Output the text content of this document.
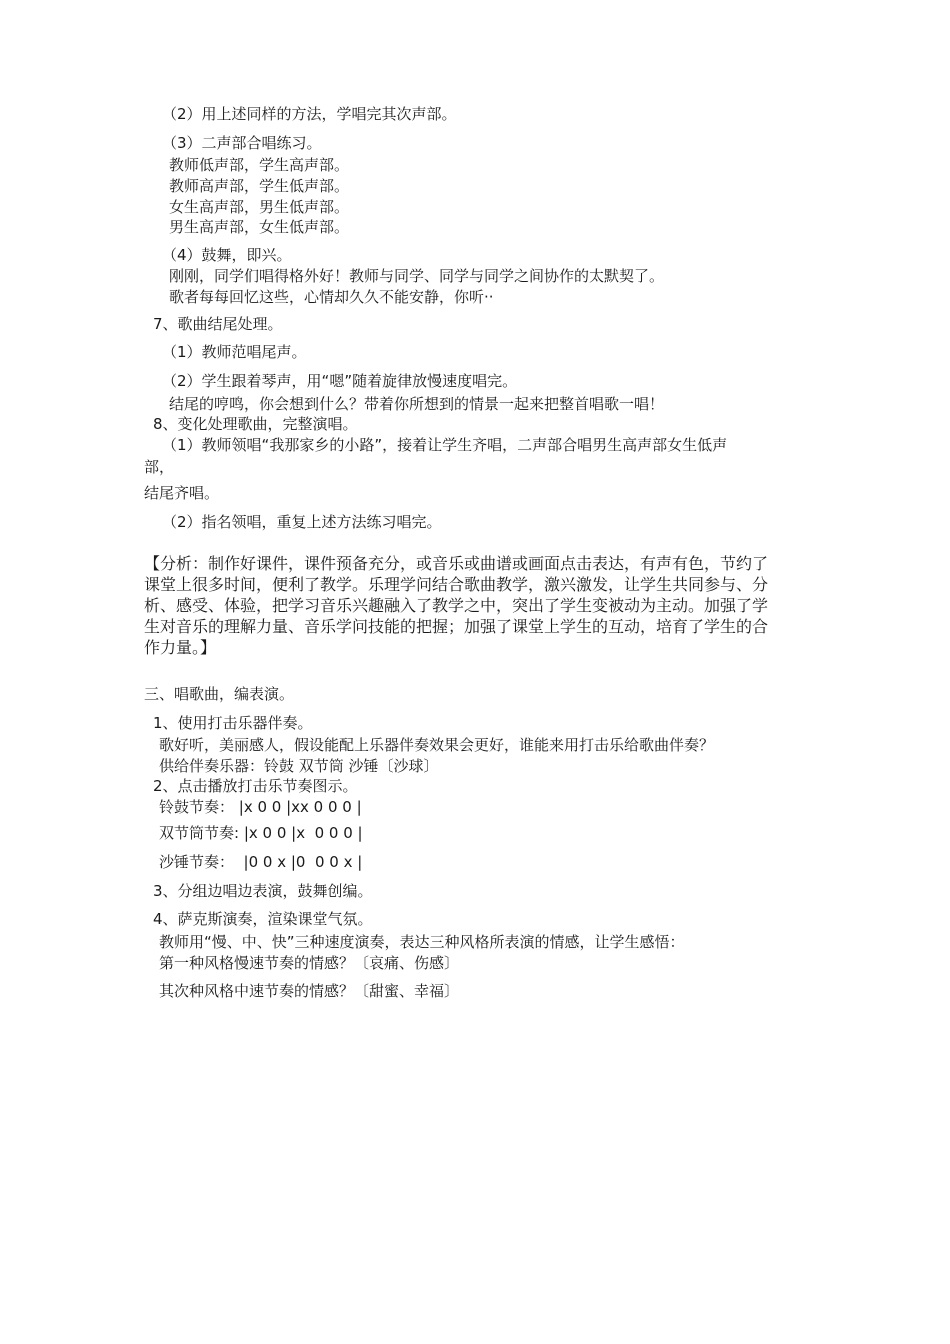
（2）用上述同样的方法，学唱完其次声部。
（3）二声部合唱练习。
教师低声部，学生高声部。
教师高声部，学生低声部。
女生高声部，男生低声部。
男生高声部，女生低声部。
（4）鼓舞，即兴。
刚刚，同学们唱得格外好！教师与同学、同学与同学之间协作的太默契了。
歌者每每回忆这些，心情却久久不能安静，你听··
7、歌曲结尾处理。
（1）教师范唱尾声。
（2）学生跟着琴声，用“嗯”随着旋律放慢速度唱完。
结尾的哼鸣，你会想到什么？带着你所想到的情景一起来把整首唱歌一唱！
8、变化处理歌曲，完整演唱。
（1）教师领唱“我那家乡的小路”，接着让学生齐唱，二声部合唱男生高声部女生低声
部，
结尾齐唱。
（2）指名领唱，重复上述方法练习唱完。
【分析：制作好课件，课件预备充分，或音乐或曲谱或画面点击表达，有声有色，节约了
课堂上很多时间，便利了教学。乐理学问结合歌曲教学，激兴激发，让学生共同参与、分
析、感受、体验，把学习音乐兴趣融入了教学之中，突出了学生变被动为主动。加强了学
生对音乐的理解力量、音乐学问技能的把握；加强了课堂上学生的互动，培育了学生的合
作力量。】
三、唱歌曲，编表演。
1、使用打击乐器伴奏。
歌好听，美丽感人，假设能配上乐器伴奏效果会更好，谁能来用打击乐给歌曲伴奏？
供给伴奏乐器：铃鼓 双节筒 沙锤〔沙球〕
2、点击播放打击乐节奏图示。
铃鼓节奏： |x 0 0 |xx 0 0 0 |
双节筒节奏: |x 0 0 |x  0 0 0 |
沙锤节奏：  |0 0 x |0  0 0 x |
3、分组边唱边表演，鼓舞创编。
4、萨克斯演奏，渲染课堂气氛。
教师用“慢、中、快”三种速度演奏，表达三种风格所表演的情感，让学生感悟：
第一种风格慢速节奏的情感？〔哀痛、伤感〕
其次种风格中速节奏的情感？〔甜蜜、幸福〕
